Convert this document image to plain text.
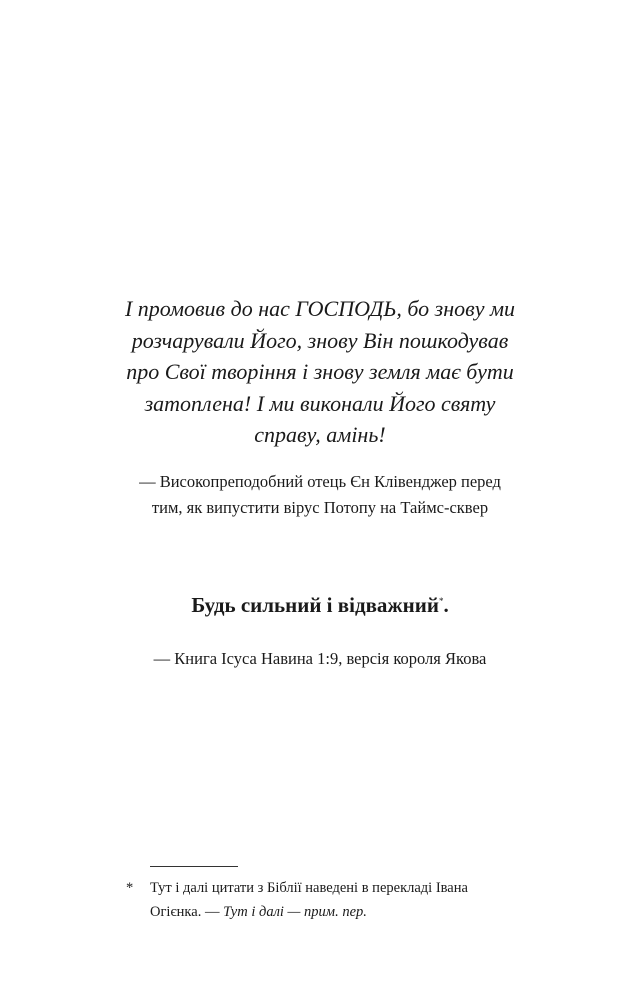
І промовив до нас ГОСПОДЬ, бо знову ми
розчарували Його, знову Він пошкодував
про Свої творіння і знову земля має бути
затоплена! І ми виконали Його святу
справу, амінь!
— Високопреподобний отець Єн Клівенджер перед
тим, як випустити вірус Потопу на Таймс-сквер
Будь сильний і відважний*.
— Книга Ісуса Навина 1:9, версія короля Якова
* Тут і далі цитати з Біблії наведені в перекладі Івана
Огієнка. — Тут і далі — прим. пер.
